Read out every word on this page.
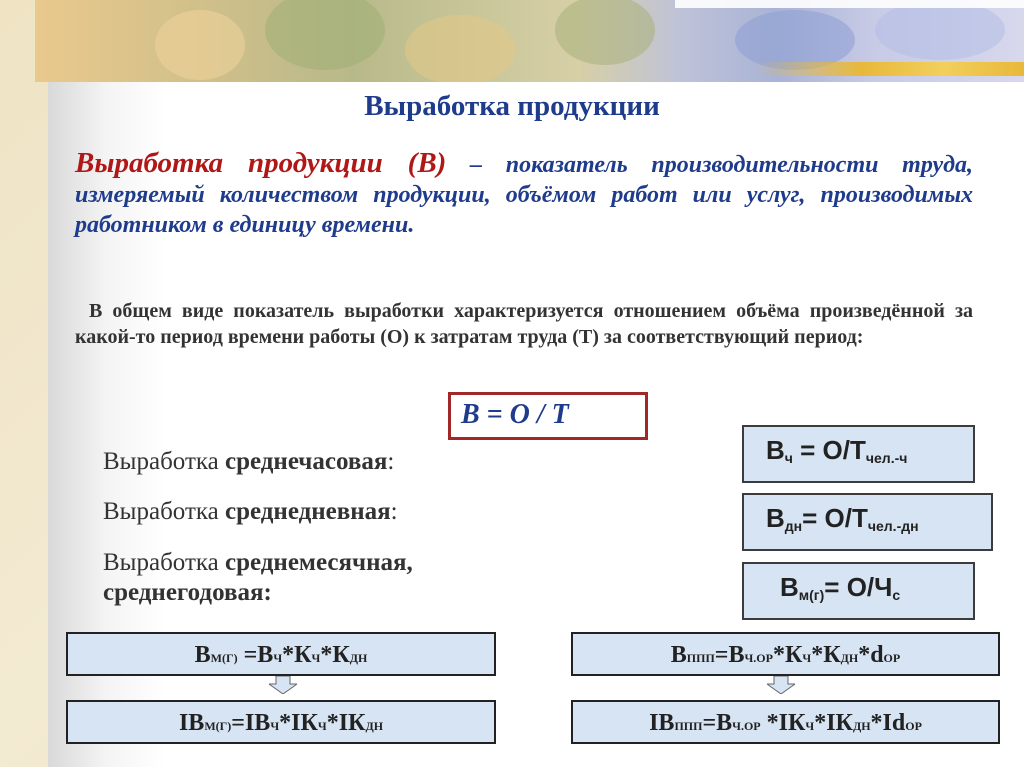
Выработка продукции
Выработка продукции (В) – показатель производительности труда, измеряемый количеством продукции, объёмом работ или услуг, производимых работником в единицу времени.
В общем виде показатель выработки характеризуется отношением объёма произведённой за какой-то период времени работы (О) к затратам труда (Т) за соответствующий период:
В = О / Т
Выработка среднечасовая:
Выработка среднедневная:
Выработка среднемесячная,
среднегодовая:
$В_ч = О/Т_{чел.-ч}$
$В_{дн}= О/Т_{чел.-дн}$
$В_{м(г)}= О/Ч_с$
ВМ(Г) =ВЧ*КЧ*КДН
IВМ(Г)=IВЧ*IКЧ*IКДН
ВППП=ВЧ.ОР*КЧ*КДН*dОР
IВППП=ВЧ.ОР *IКЧ*IКДН*IdОР
